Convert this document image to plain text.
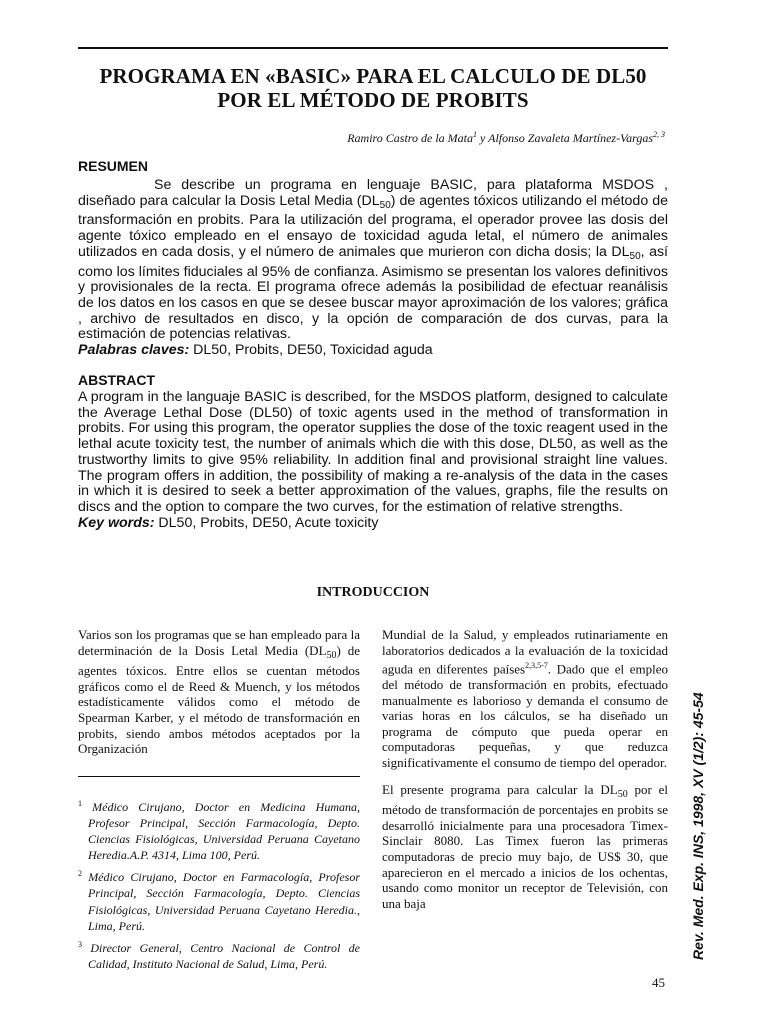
PROGRAMA EN «BASIC» PARA EL CALCULO DE DL50
POR EL MÉTODO DE PROBITS
Ramiro Castro de la Mata$^1$ y Alfonso Zavaleta Martínez-Vargas$^{2, 3}$
RESUMEN

Se describe un programa en lenguaje BASIC, para plataforma MSDOS , diseñado para calcular la Dosis Letal Media $(DL_{50})$ de agentes tóxicos utilizando el método de transformación en probits. Para la utilización del programa, el operador provee las dosis del agente tóxico empleado en el ensayo de toxicidad aguda letal, el número de animales utilizados en cada dosis, y el número de animales que murieron con dicha dosis; la $DL_{50}$, así como los límites fiduciales al 95% de confianza. Asimismo se presentan los valores definitivos y provisionales de la recta. El programa ofrece además la posibilidad de efectuar reanálisis de los datos en los casos en que se desee buscar mayor aproximación de los valores; gráfica , archivo de resultados en disco, y la opción de comparación de dos curvas, para la estimación de potencias relativas.

Palabras claves: DL50, Probits, DE50, Toxicidad aguda

ABSTRACT

A program in the languaje BASIC is described, for the MSDOS platform, designed to calculate the Average Lethal Dose (DL50) of toxic agents used in the method of transformation in probits. For using this program, the operator supplies the dose of the toxic reagent used in the lethal acute toxicity test, the number of animals which die with this dose, DL50, as well as the trustworthy limits to give 95% reliability. In addition final and provisional straight line values. The program offers in addition, the possibility of making a re-analysis of the data in the cases in which it is desired to seek a better approximation of the values, graphs, file the results on discs and the option to compare the two curves, for the estimation of relative strengths.

Key words: DL50, Probits, DE50, Acute toxicity

INTRODUCCION

Varios son los programas que se han empleado para la determinación de la Dosis Letal Media $(DL_{50})$ de agentes tóxicos. Entre ellos se cuentan métodos gráficos como el de Reed & Muench, y los métodos estadísticamente válidos como el método de Spearman Karber, y el método de transformación en probits, siendo ambos métodos aceptados por la Organización

Mundial de la Salud, y empleados rutinariamente en laboratorios dedicados a la evaluación de la toxicidad aguda en diferentes países$^{2,3,5-7}$. Dado que el empleo del método de transformación en probits, efectuado manualmente es laborioso y demanda el consumo de varias horas en los cálculos, se ha diseñado un programa de cómputo que pueda operar en computadoras pequeñas, y que reduzca significativamente el consumo de tiempo del operador.

El presente programa para calcular la $DL_{50}$ por el método de transformación de porcentajes en probits se desarrolló inicialmente para una procesadora Timex-Sinclair 8080. Las Timex fueron las primeras computadoras de precio muy bajo, de US$ 30, que aparecieron en el mercado a inicios de los ochentas, usando como monitor un receptor de Televisión, con una baja

$^1$ Médico Cirujano, Doctor en Medicina Humana, Profesor Principal, Sección Farmacología, Depto. Ciencias Fisiológicas, Universidad Peruana Cayetano Heredia.A.P. 4314, Lima 100, Perú.

$^2$ Médico Cirujano, Doctor en Farmacología, Profesor Principal, Sección Farmacología, Depto. Ciencias Fisiológicas, Universidad Peruana Cayetano Heredia., Lima, Perú.

$^3$ Director General, Centro Nacional de Control de Calidad, Instituto Nacional de Salud, Lima, Perú.

Rev. Med. Exp. INS, 1998, XV (1/2): 45-54
45
